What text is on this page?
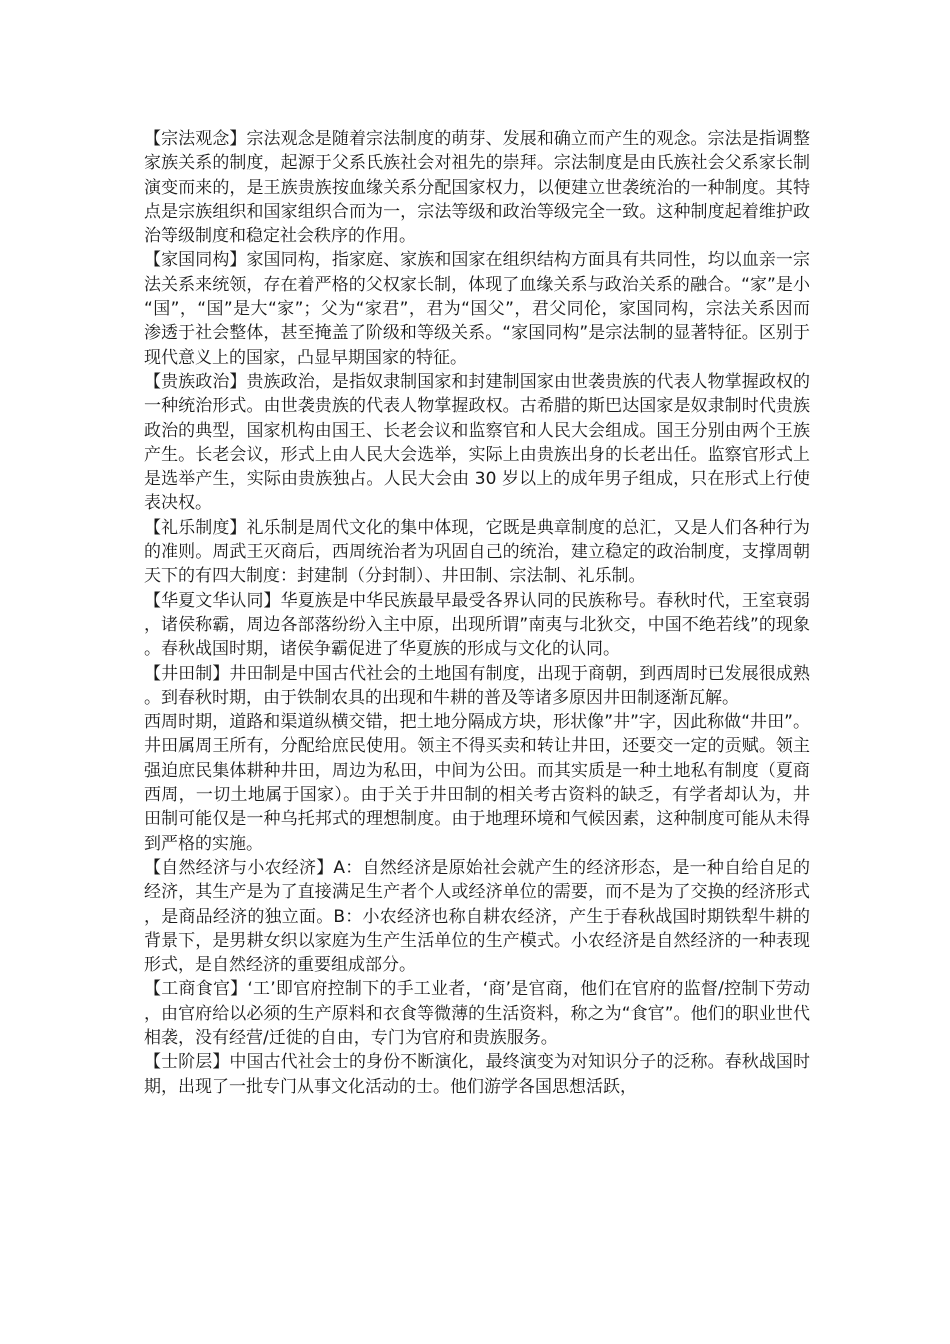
【宗法观念】宗法观念是随着宗法制度的萌芽、发展和确立而产生的观念。宗法是指调整家族关系的制度，起源于父系氏族社会对祖先的崇拜。宗法制度是由氏族社会父系家长制演变而来的，是王族贵族按血缘关系分配国家权力，以便建立世袭统治的一种制度。其特点是宗族组织和国家组织合而为一，宗法等级和政治等级完全一致。这种制度起着维护政治等级制度和稳定社会秩序的作用。

【家国同构】家国同构，指家庭、家族和国家在组织结构方面具有共同性，均以血亲一宗法关系来统领，存在着严格的父权家长制，体现了血缘关系与政治关系的融合。“家”是小“国”，“国”是大“家”；父为“家君”，君为“国父”，君父同伦，家国同构，宗法关系因而渗透于社会整体，甚至掩盖了阶级和等级关系。“家国同构”是宗法制的显著特征。区别于现代意义上的国家，凸显早期国家的特征。

【贵族政治】贵族政治，是指奴隶制国家和封建制国家由世袭贵族的代表人物掌握政权的一种统治形式。由世袭贵族的代表人物掌握政权。古希腊的斯巴达国家是奴隶制时代贵族政治的典型，国家机构由国王、长老会议和监察官和人民大会组成。国王分别由两个王族产生。长老会议，形式上由人民大会选举，实际上由贵族出身的长老出任。监察官形式上是选举产生，实际由贵族独占。人民大会由 30 岁以上的成年男子组成，只在形式上行使表决权。

【礼乐制度】礼乐制是周代文化的集中体现，它既是典章制度的总汇，又是人们各种行为的准则。周武王灭商后，西周统治者为巩固自己的统治，建立稳定的政治制度，支撑周朝天下的有四大制度：封建制（分封制）、井田制、宗法制、礼乐制。

【华夏文华认同】华夏族是中华民族最早最受各界认同的民族称号。春秋时代，王室衰弱，诸侯称霸，周边各部落纷纷入主中原，出现所谓”南夷与北狄交，中国不绝若线”的现象。春秋战国时期，诸侯争霸促进了华夏族的形成与文化的认同。

【井田制】井田制是中国古代社会的土地国有制度，出现于商朝，到西周时已发展很成熟。到春秋时期，由于铁制农具的出现和牛耕的普及等诸多原因井田制逐渐瓦解。

西周时期，道路和渠道纵横交错，把土地分隔成方块，形状像”井”字，因此称做“井田”。井田属周王所有，分配给庶民使用。领主不得买卖和转让井田，还要交一定的贡赋。领主强迫庶民集体耕种井田，周边为私田，中间为公田。而其实质是一种土地私有制度（夏商西周，一切土地属于国家）。由于关于井田制的相关考古资料的缺乏，有学者却认为，井田制可能仅是一种乌托邦式的理想制度。由于地理环境和气候因素，这种制度可能从未得到严格的实施。

【自然经济与小农经济】A：自然经济是原始社会就产生的经济形态，是一种自给自足的经济，其生产是为了直接满足生产者个人或经济单位的需要，而不是为了交换的经济形式，是商品经济的独立面。B：小农经济也称自耕农经济，产生于春秋战国时期铁犁牛耕的背景下，是男耕女织以家庭为生产生活单位的生产模式。小农经济是自然经济的一种表现形式，是自然经济的重要组成部分。

【工商食官】‘工’即官府控制下的手工业者，‘商’是官商，他们在官府的监督/控制下劳动，由官府给以必须的生产原料和衣食等微薄的生活资料，称之为“食官”。他们的职业世代相袭，没有经营/迁徙的自由，专门为官府和贵族服务。

【士阶层】中国古代社会士的身份不断演化，最终演变为对知识分子的泛称。春秋战国时期，出现了一批专门从事文化活动的士。他们游学各国思想活跃，
